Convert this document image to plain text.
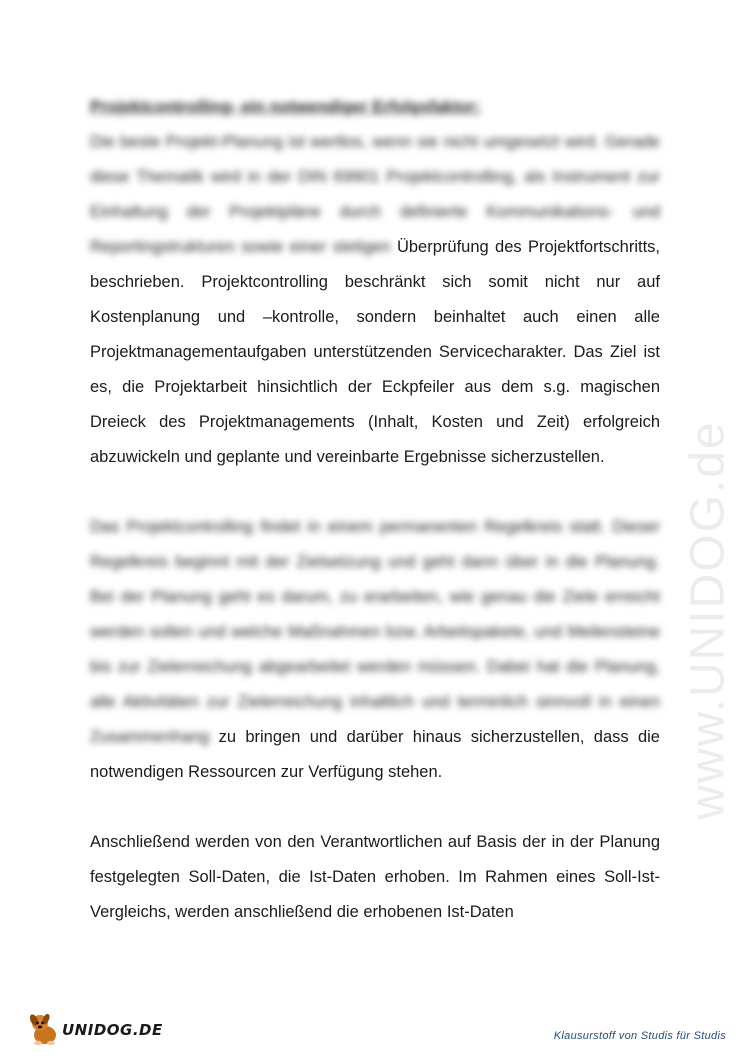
www.UNIDOG.de

Projektcontrolling- ein notwendiger Erfolgsfaktor:

Die beste Projekt-Planung ist wertlos, wenn sie nicht umgesetzt wird. Gerade diese Thematik wird in der DIN 69901 Projektcontrolling, als Instrument zur Einhaltung der Projektpläne durch definierte Kommunikations- und Reportingstrukturen sowie einer stetigen Überprüfung des Projektfortschritts, beschrieben. Projektcontrolling beschränkt sich somit nicht nur auf Kostenplanung und –kontrolle, sondern beinhaltet auch einen alle Projektmanagementaufgaben unterstützenden Servicecharakter. Das Ziel ist es, die Projektarbeit hinsichtlich der Eckpfeiler aus dem s.g. magischen Dreieck des Projektmanagements (Inhalt, Kosten und Zeit) erfolgreich abzuwickeln und geplante und vereinbarte Ergebnisse sicherzustellen.

Das Projektcontrolling findet in einem permanenten Regelkreis statt. Dieser Regelkreis beginnt mit der Zielsetzung und geht dann über in die Planung. Bei der Planung geht es darum, zu erarbeiten, wie genau die Ziele erreicht werden sollen und welche Maßnahmen bzw. Arbeitspakete, und Meilensteine bis zur Zielerreichung abgearbeitet werden müssen. Dabei hat die Planung, alle Aktivitäten zur Zielerreichung inhaltlich und terminlich sinnvoll in einen Zusammenhang zu bringen und darüber hinaus sicherzustellen, dass die notwendigen Ressourcen zur Verfügung stehen.

Anschließend werden von den Verantwortlichen auf Basis der in der Planung festgelegten Soll-Daten, die Ist-Daten erhoben. Im Rahmen eines Soll-Ist-Vergleichs, werden anschließend die erhobenen Ist-Daten

UNIDOG.DE	Klausurstoff von Studis für Studis
